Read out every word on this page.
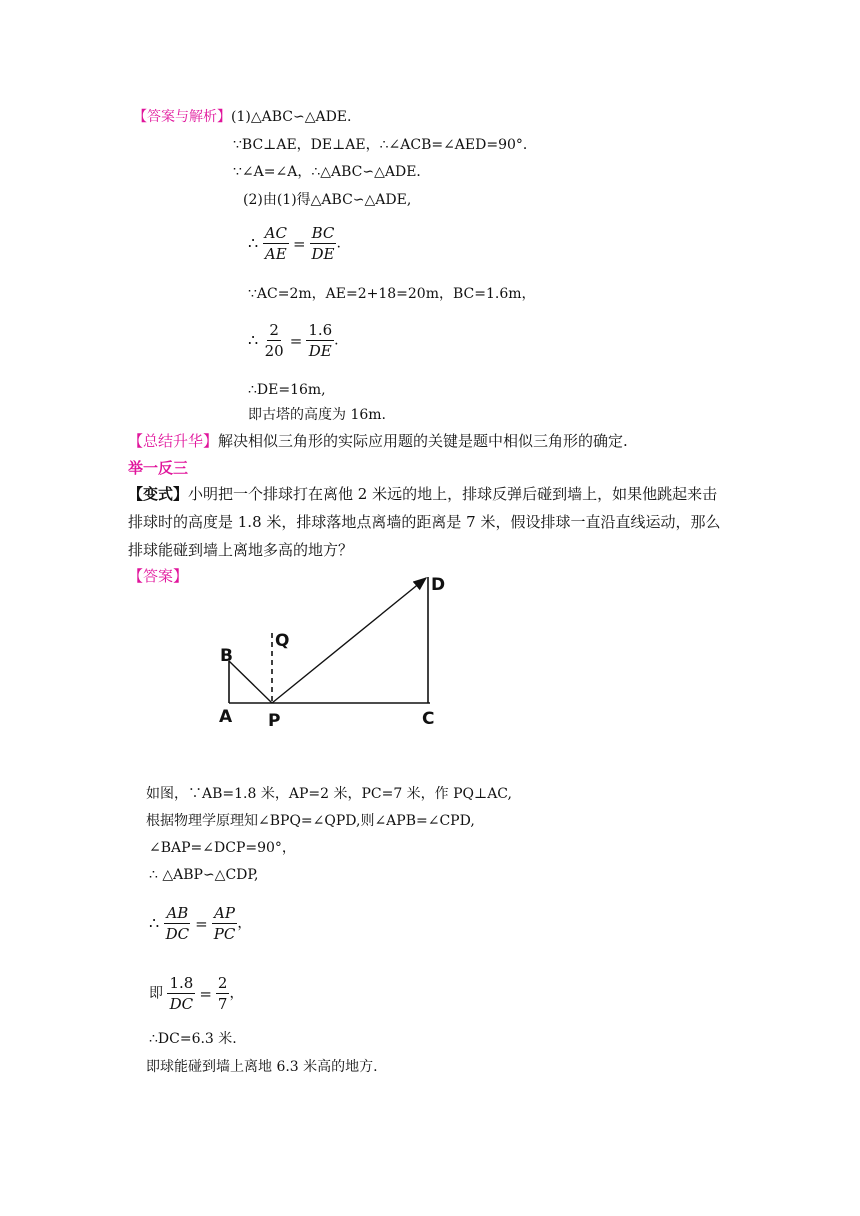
【答案与解析】(1)△ABC∽△ADE.
∵BC⊥AE，DE⊥AE，∴∠ACB=∠AED=90°．
∵∠A=∠A，∴△ABC∽△ADE．
(2)由(1)得△ABC∽△ADE,
∴ $\frac{AC}{AE} = \frac{BC}{DE}$ .
∵AC=2m，AE=2+18=20m，BC=1.6m，
∴ $\frac{2}{20} = \frac{1.6}{DE}$ .
∴DE=16m,
即古塔的高度为 16m.
【总结升华】解决相似三角形的实际应用题的关键是题中相似三角形的确定.
举一反三
【变式】小明把一个排球打在离他 2 米远的地上，排球反弹后碰到墙上，如果他跳起来击
排球时的高度是 1.8 米，排球落地点离墙的距离是 7 米，假设排球一直沿直线运动，那么
排球能碰到墙上离地多高的地方？
【答案】
B
A P
Q
C
D
如图，∵AB=1.8 米，AP=2 米，PC=7 米，作 PQ⊥AC,
根据物理学原理知∠BPQ=∠QPD,则∠APB=∠CPD,
∠BAP=∠DCP=90°，
∴ △ABP∽△CDP,
∴ $\frac{AB}{DC} = \frac{AP}{PC}$ ，
即 $\frac{1.8}{DC} = \frac{2}{7}$ ，
∴DC=6.3 米.
即球能碰到墙上离地 6.3 米高的地方.
